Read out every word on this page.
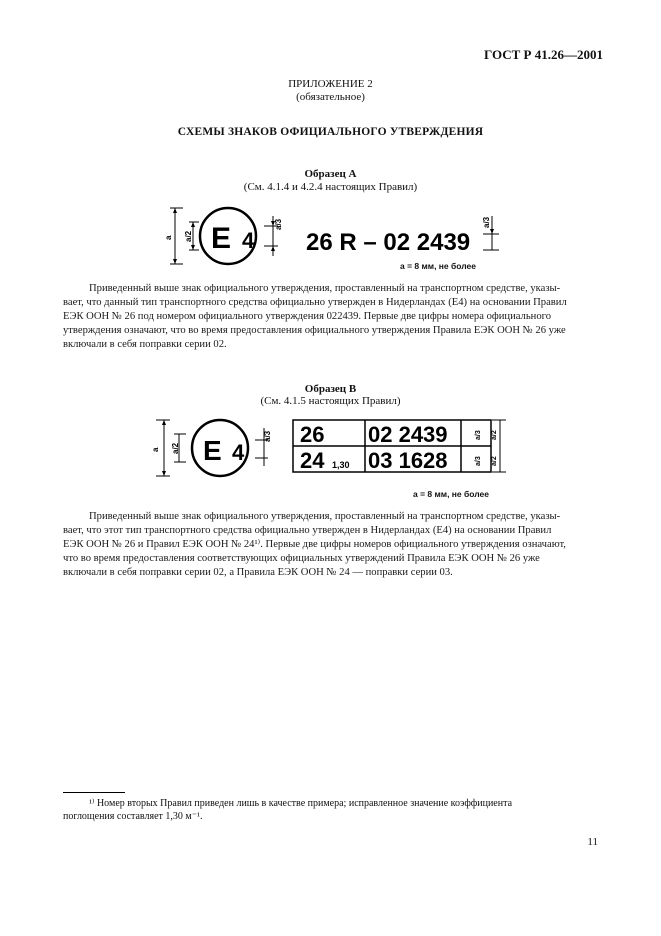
ГОСТ Р 41.26—2001
ПРИЛОЖЕНИЕ 2
(обязательное)
СХЕМЫ ЗНАКОВ ОФИЦИАЛЬНОГО УТВЕРЖДЕНИЯ
Образец А
(См. 4.1.4 и 4.2.4 настоящих Правил)
a a/2 E 4
a/3
26 R – 02 2439
a/3
a = 8 мм, не более
Приведенный выше знак официального утверждения, проставленный на транспортном средстве, указы-
вает, что данный тип транспортного средства официально утвержден в Нидерландах (Е4) на основании Правил
ЕЭК ООН № 26 под номером официального утверждения 022439. Первые две цифры номера официального
утверждения означают, что во время предоставления официального утверждения Правила ЕЭК ООН № 26 уже
включали в себя поправки серии 02.
Образец В
(См. 4.1.5 настоящих Правил)
a a/2 E 4
a/3 26 02 2439
24 1,30 03 1628
a/3
a/3
a/2
a/2
a = 8 мм, не более
Приведенный выше знак официального утверждения, проставленный на транспортном средстве, указы-
вает, что этот тип транспортного средства официально утвержден в Нидерландах (Е4) на основании Правил
ЕЭК ООН № 26 и Правил ЕЭК ООН № 24¹⁾. Первые две цифры номеров официального утверждения означают,
что во время предоставления соответствующих официальных утверждений Правила ЕЭК ООН № 26 уже
включали в себя поправки серии 02, а Правила ЕЭК ООН № 24 — поправки серии 03.
¹⁾ Номер вторых Правил приведен лишь в качестве примера; исправленное значение коэффициента
поглощения составляет 1,30 м⁻¹.
11
